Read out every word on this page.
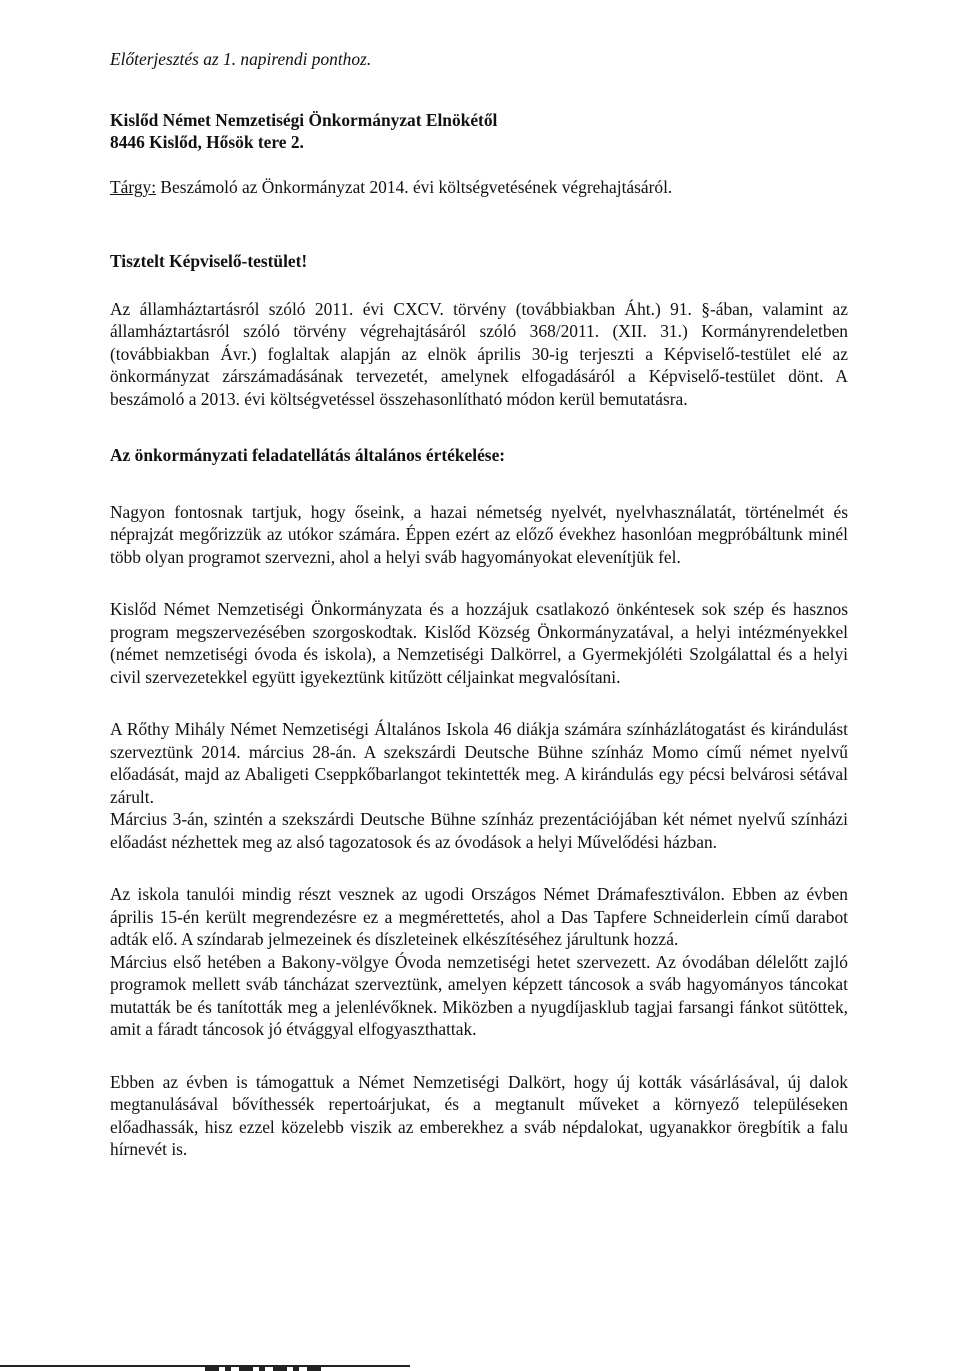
Előterjesztés az 1. napirendi ponthoz.

Kislőd Német Nemzetiségi Önkormányzat Elnökétől

8446 Kislőd, Hősök tere 2.

Tárgy: Beszámoló az Önkormányzat 2014. évi költségvetésének végrehajtásáról.

Tisztelt Képviselő-testület!

Az államháztartásról szóló 2011. évi CXCV. törvény (továbbiakban Áht.) 91. §-ában, valamint az államháztartásról szóló törvény végrehajtásáról szóló 368/2011. (XII. 31.) Kormányrendeletben (továbbiakban Ávr.) foglaltak alapján az elnök április 30-ig terjeszti a Képviselő-testület elé az önkormányzat zárszámadásának tervezetét, amelynek elfogadásáról a Képviselő-testület dönt. A beszámoló a 2013. évi költségvetéssel összehasonlítható módon kerül bemutatásra.

Az önkormányzati feladatellátás általános értékelése:

Nagyon fontosnak tartjuk, hogy őseink, a hazai németség nyelvét, nyelvhasználatát, történelmét és néprajzát megőrizzük az utókor számára. Éppen ezért az előző évekhez hasonlóan megpróbáltunk minél több olyan programot szervezni, ahol a helyi sváb hagyományokat elevenítjük fel.

Kislőd Német Nemzetiségi Önkormányzata és a hozzájuk csatlakozó önkéntesek sok szép és hasznos program megszervezésében szorgoskodtak. Kislőd Község Önkormányzatával, a helyi intézményekkel (német nemzetiségi óvoda és iskola), a Nemzetiségi Dalkörrel, a Gyermekjóléti Szolgálattal és a helyi civil szervezetekkel együtt igyekeztünk kitűzött céljainkat megvalósítani.

A Rőthy Mihály Német Nemzetiségi Általános Iskola 46 diákja számára színházlátogatást és kirándulást szerveztünk 2014. március 28-án. A szekszárdi Deutsche Bühne színház Momo című német nyelvű előadását, majd az Abaligeti Cseppkőbarlangot tekintették meg. A kirándulás egy pécsi belvárosi sétával zárult.

Március 3-án, szintén a szekszárdi Deutsche Bühne színház prezentációjában két német nyelvű színházi előadást nézhettek meg az alsó tagozatosok és az óvodások a helyi Művelődési házban.

Az iskola tanulói mindig részt vesznek az ugodi Országos Német Drámafesztiválon. Ebben az évben április 15-én került megrendezésre ez a megmérettetés, ahol a Das Tapfere Schneiderlein című darabot adták elő. A színdarab jelmezeinek és díszleteinek elkészítéséhez járultunk hozzá.

Március első hetében a Bakony-völgye Óvoda nemzetiségi hetet szervezett. Az óvodában délelőtt zajló programok mellett sváb táncházat szerveztünk, amelyen képzett táncosok a sváb hagyományos táncokat mutatták be és tanították meg a jelenlévőknek. Miközben a nyugdíjasklub tagjai farsangi fánkot sütöttek, amit a fáradt táncosok jó étvággyal elfogyaszthattak.

Ebben az évben is támogattuk a Német Nemzetiségi Dalkört, hogy új kották vásárlásával, új dalok megtanulásával bővíthessék repertoárjukat, és a megtanult műveket a környező településeken előadhassák, hisz ezzel közelebb viszik az emberekhez a sváb népdalokat, ugyanakkor öregbítik a falu hírnevét is.
